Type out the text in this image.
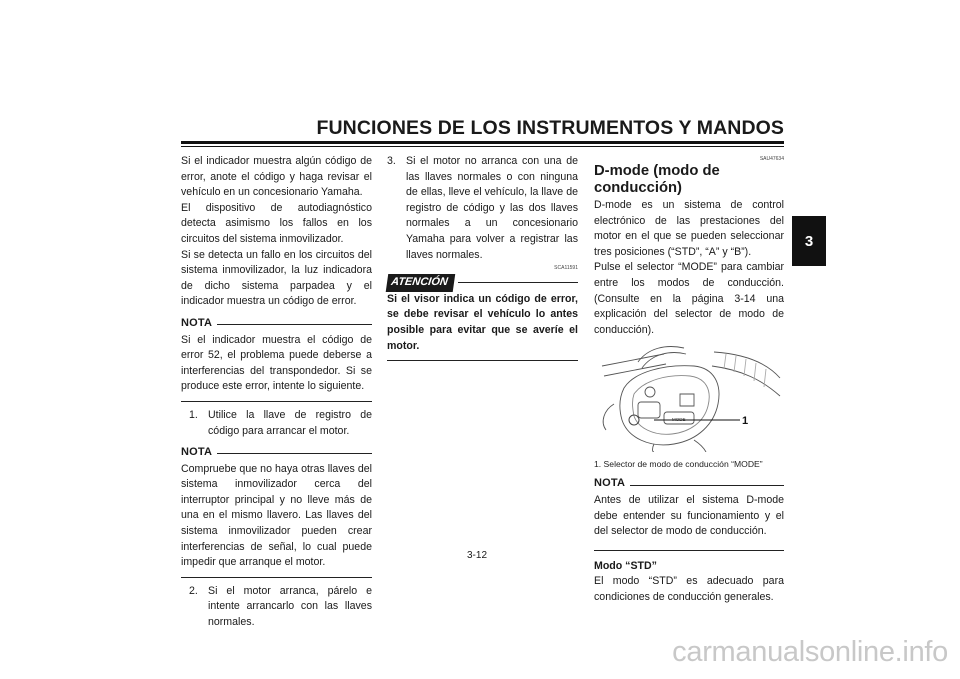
FUNCIONES DE LOS INSTRUMENTOS Y MANDOS
3

Si el indicador muestra algún código de error, anote el código y haga revisar el vehículo en un concesionario Yamaha.

El dispositivo de autodiagnóstico detecta asimismo los fallos en los circuitos del sistema inmovilizador.

Si se detecta un fallo en los circuitos del sistema inmovilizador, la luz indicadora de dicho sistema parpadea y el indicador muestra un código de error.

NOTA

Si el indicador muestra el código de error 52, el problema puede deberse a interferencias del transpondedor. Si se produce este error, intente lo siguiente.

1. Utilice la llave de registro de código para arrancar el motor.
NOTA

Compruebe que no haya otras llaves del sistema inmovilizador cerca del interruptor principal y no lleve más de una en el mismo llavero. Las llaves del sistema inmovilizador pueden crear interferencias de señal, lo cual puede impedir que arranque el motor.

2. Si el motor arranca, párelo e intente arrancarlo con las llaves normales.
3. Si el motor no arranca con una de las llaves normales o con ninguna de ellas, lleve el vehículo, la llave de registro de código y las dos llaves normales a un concesionario Yamaha para volver a registrar las llaves normales.
SCA11591
ATENCIÓN

Si el visor indica un código de error, se debe revisar el vehículo lo antes posible para evitar que se averíe el motor.

SAU47634
D-mode (modo de conducción)

D-mode es un sistema de control electrónico de las prestaciones del motor en el que se pueden seleccionar tres posiciones (“STD”, “A” y “B”).

Pulse el selector “MODE” para cambiar entre los modos de conducción. (Consulte en la página 3-14 una explicación del selector de modo de conducción).

MODE	1
1. Selector de modo de conducción “MODE”
NOTA

Antes de utilizar el sistema D-mode debe entender su funcionamiento y el del selector de modo de conducción.

Modo “STD”

El modo “STD” es adecuado para condiciones de conducción generales.

3-12
carmanualsonline.info
